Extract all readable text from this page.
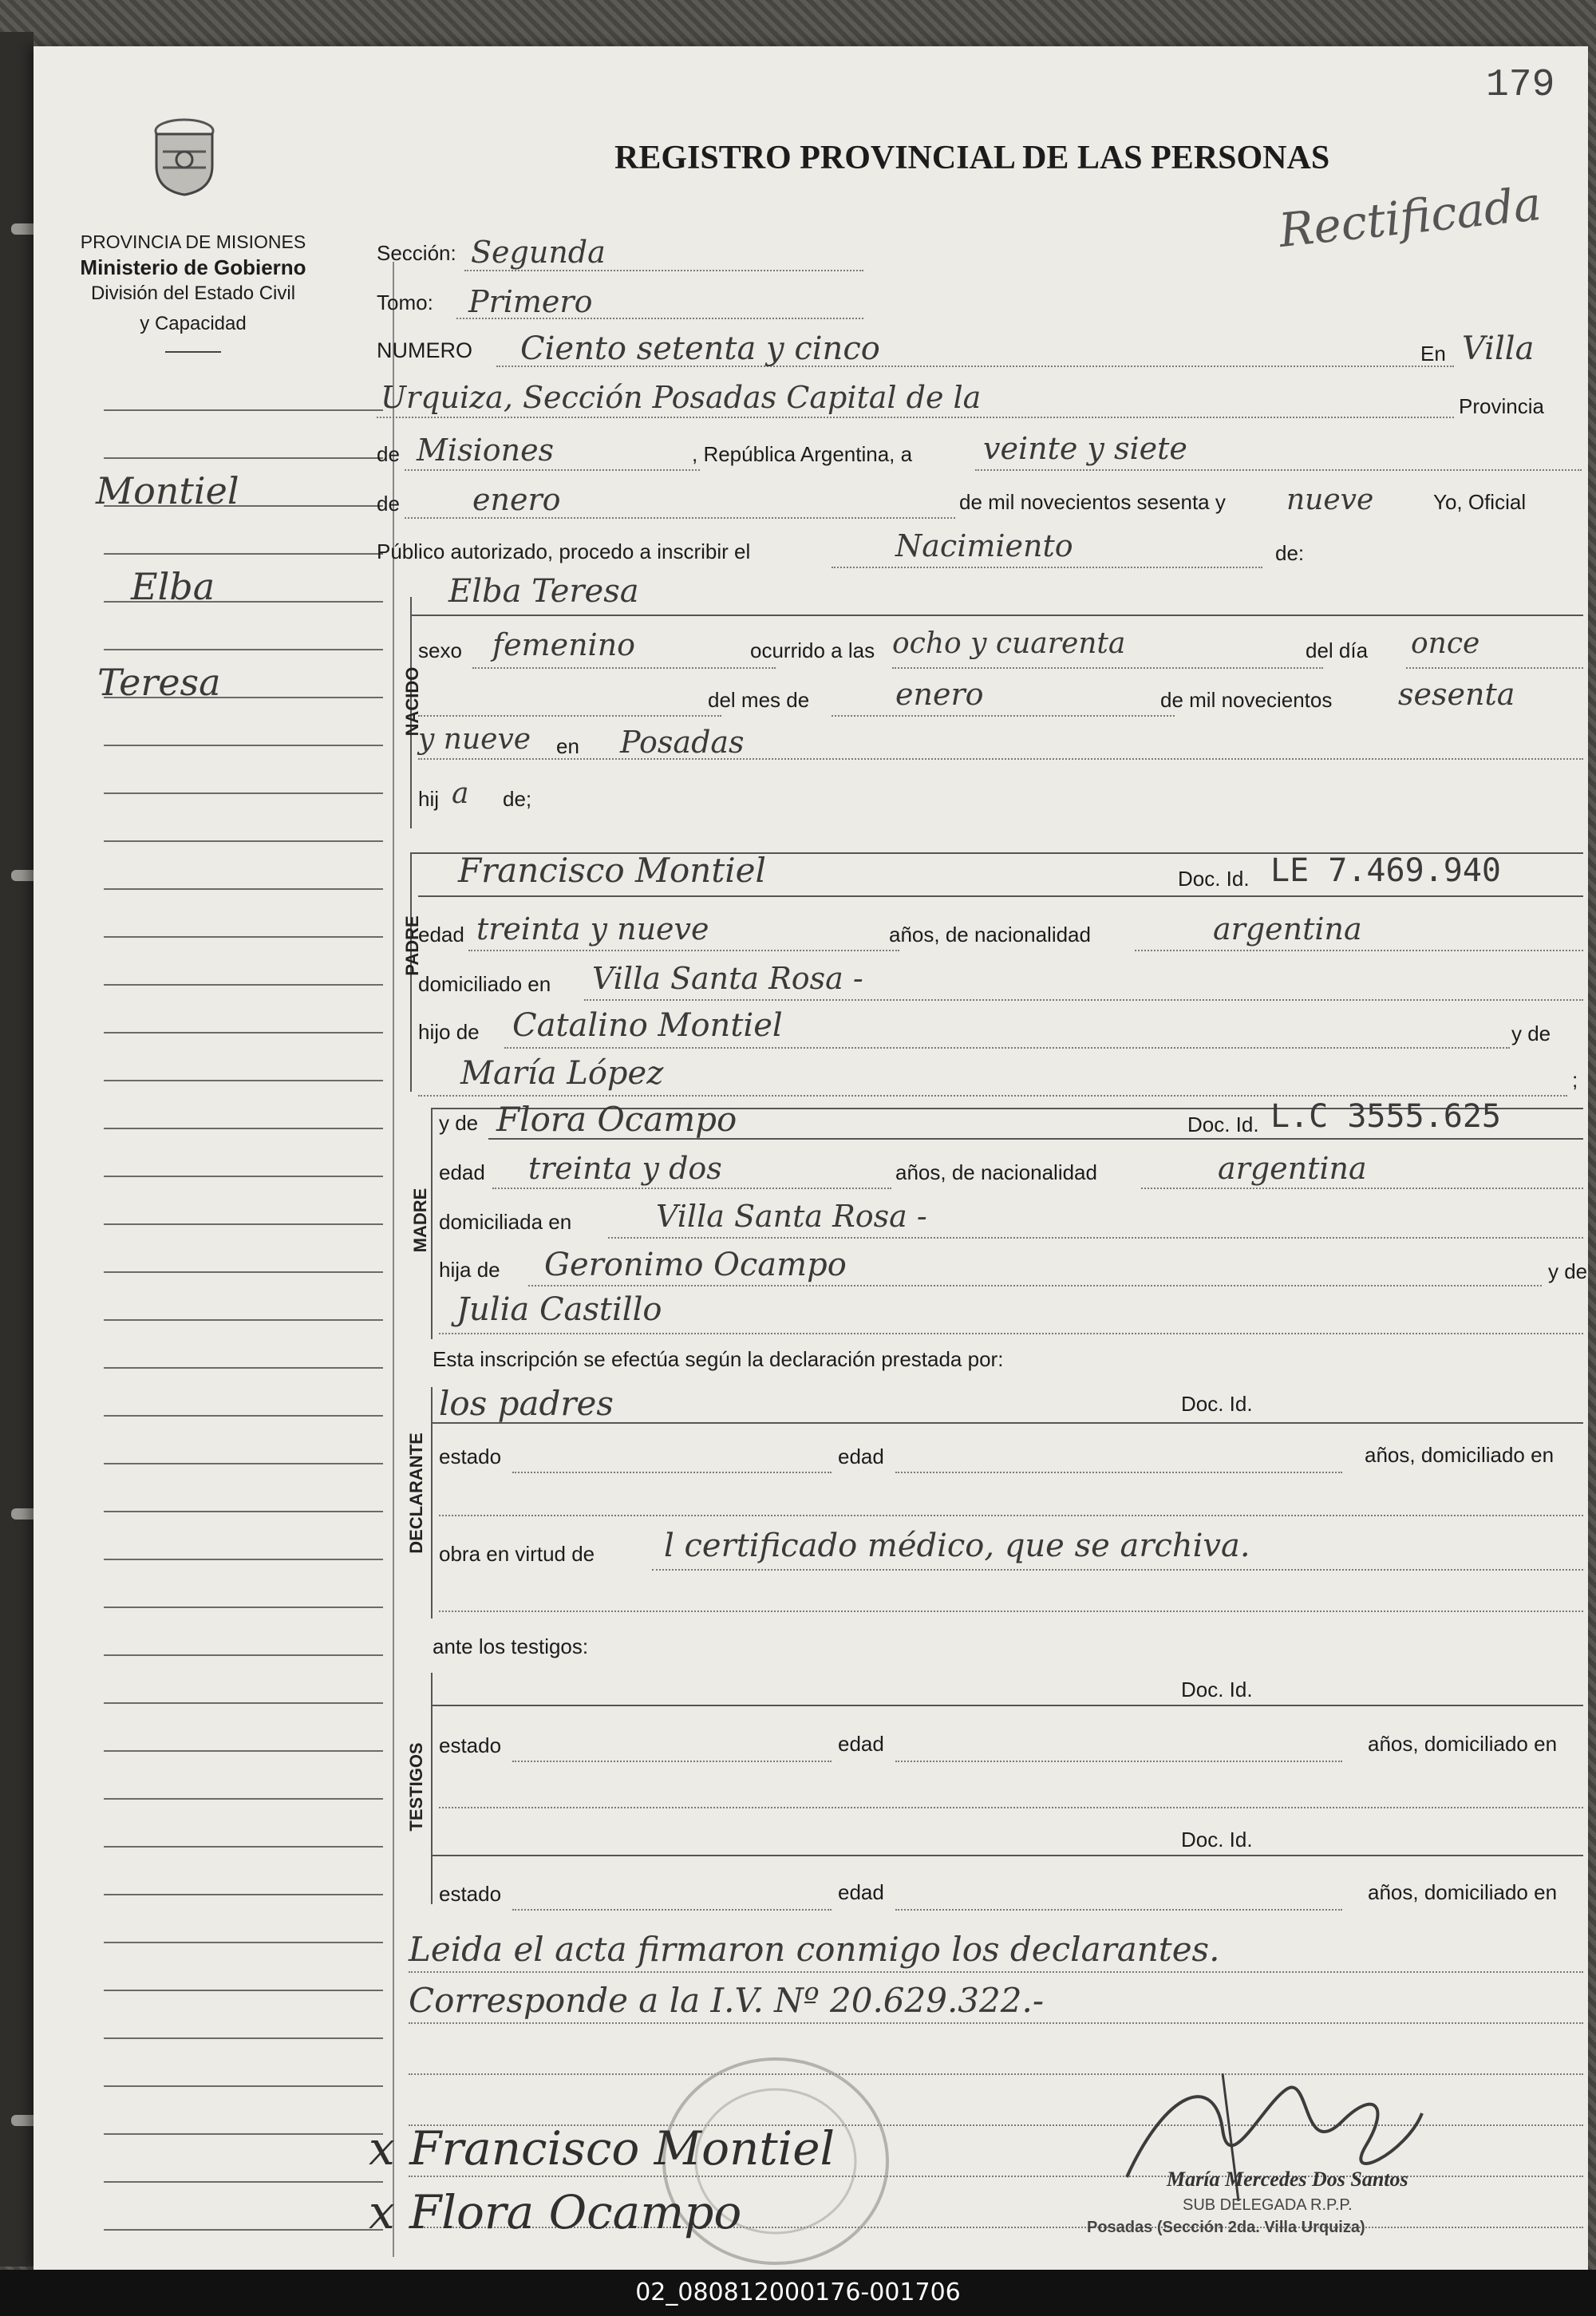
179
Rectificada
REGISTRO PROVINCIAL DE LAS PERSONAS
PROVINCIA DE MISIONES
Ministerio de Gobierno
División del Estado Civil
y Capacidad
Montiel
Elba
Teresa
Sección: Segunda
Tomo: Primero
NUMERO Ciento setenta y cinco	En Villa
Urquiza, Sección Posadas Capital de la	Provincia
de Misiones	, República Argentina, a veinte y siete
de enero	de mil novecientos sesenta y nueve	Yo, Oficial
Público autorizado, procedo a inscribir el	Nacimiento	de:
NACIDO
Elba Teresa
sexo femenino	ocurrido a las ocho y cuarenta	del día once
del mes de	enero	de mil novecientos sesenta
y nueve en Posadas
hij a de;
PADRE
Francisco Montiel	Doc. Id. LE 7.469.940
edad treinta y nueve	años, de nacionalidad	argentina
domiciliado en Villa Santa Rosa -
hijo de Catalino Montiel	y de
María López	;
MADRE
y de Flora Ocampo	Doc. Id. L.C 3555.625
edad treinta y dos	años, de nacionalidad	argentina
domiciliada en	Villa Santa Rosa -
hija de Geronimo Ocampo	y de
Julia Castillo
Esta inscripción se efectúa según la declaración prestada por:
DECLARANTE
los padres	Doc. Id.
estado	edad	años, domiciliado en
obra en virtud de l certificado médico, que se archiva.
ante los testigos:
TESTIGOS
Doc. Id.
estado	edad	años, domiciliado en
Doc. Id.
estado	edad	años, domiciliado en
Leida el acta firmaron conmigo los declarantes.
Corresponde a la I.V. Nº 20.629.322.-
x Francisco Montiel
x Flora Ocampo
María Mercedes Dos Santos
SUB DELEGADA R.P.P.
Posadas (Sección 2da. Villa Urquiza)
02_080812000176-001706
